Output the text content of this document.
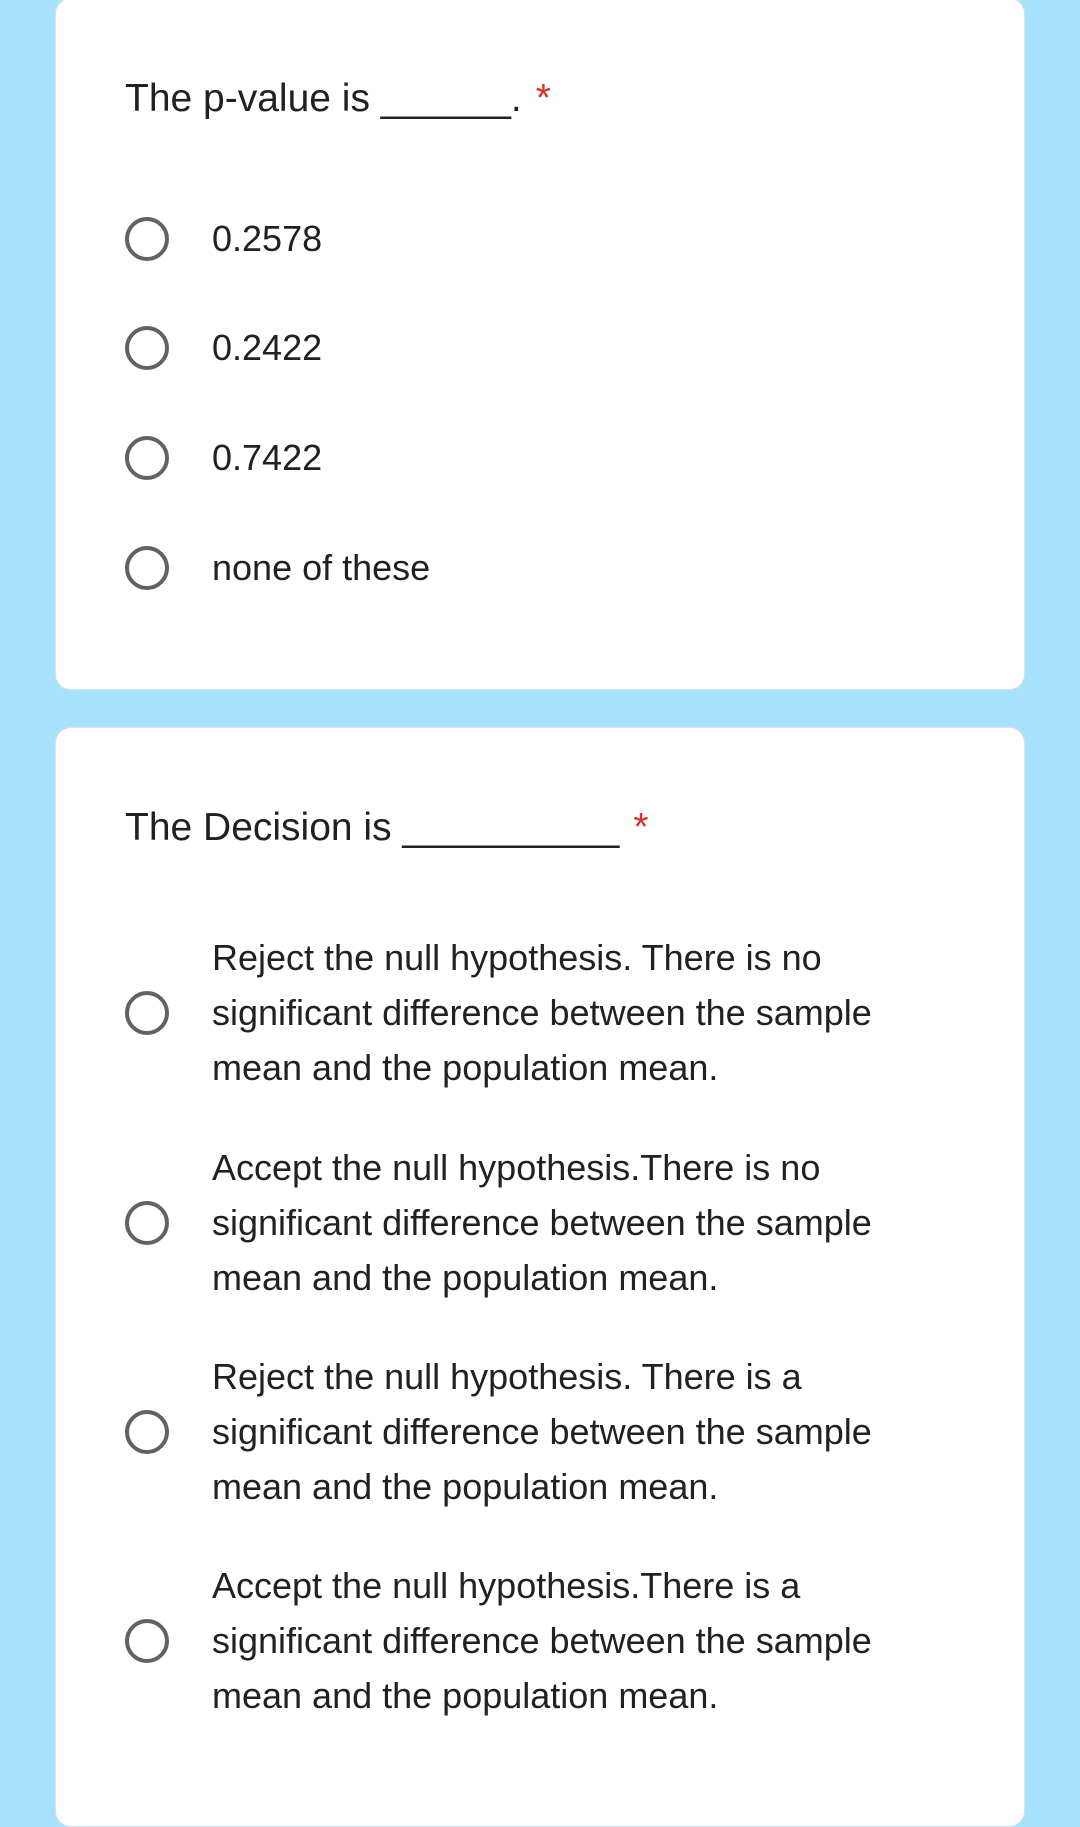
The p-value is ______. *
0.2578
0.2422
0.7422
none of these
The Decision is __________ *
Reject the null hypothesis. There is no significant difference between the sample mean and the population mean.
Accept the null hypothesis.There is no significant difference between the sample mean and the population mean.
Reject the null hypothesis. There is a significant difference between the sample mean and the population mean.
Accept the null hypothesis.There is a significant difference between the sample mean and the population mean.
